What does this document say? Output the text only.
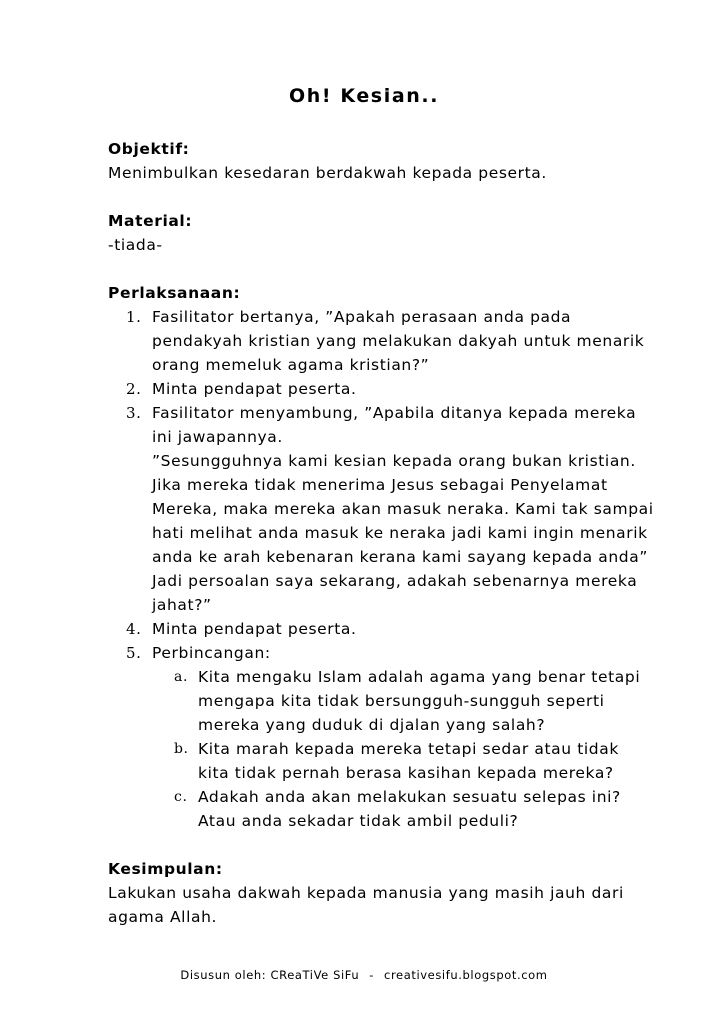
Oh! Kesian..

Objektif:

Menimbulkan kesedaran berdakwah kepada peserta.

Material:

-tiada-

Perlaksanaan:

1. Fasilitator bertanya, ”Apakah perasaan anda pada
pendakyah kristian yang melakukan dakyah untuk menarik
orang memeluk agama kristian?”
2. Minta pendapat peserta.
3. Fasilitator menyambung, ”Apabila ditanya kepada mereka
ini jawapannya.
”Sesungguhnya kami kesian kepada orang bukan kristian.
Jika mereka tidak menerima Jesus sebagai Penyelamat
Mereka, maka mereka akan masuk neraka. Kami tak sampai
hati melihat anda masuk ke neraka jadi kami ingin menarik
anda ke arah kebenaran kerana kami sayang kepada anda”
Jadi persoalan saya sekarang, adakah sebenarnya mereka
jahat?”
4. Minta pendapat peserta.
5. Perbincangan:
a. Kita mengaku Islam adalah agama yang benar tetapi
mengapa kita tidak bersungguh-sungguh seperti
mereka yang duduk di djalan yang salah?
b. Kita marah kepada mereka tetapi sedar atau tidak
kita tidak pernah berasa kasihan kepada mereka?
c. Adakah anda akan melakukan sesuatu selepas ini?
Atau anda sekadar tidak ambil peduli?

Kesimpulan:

Lakukan usaha dakwah kepada manusia yang masih jauh dari
agama Allah.
Disusun oleh: CReaTiVe SiFu - creativesifu.blogspot.com
